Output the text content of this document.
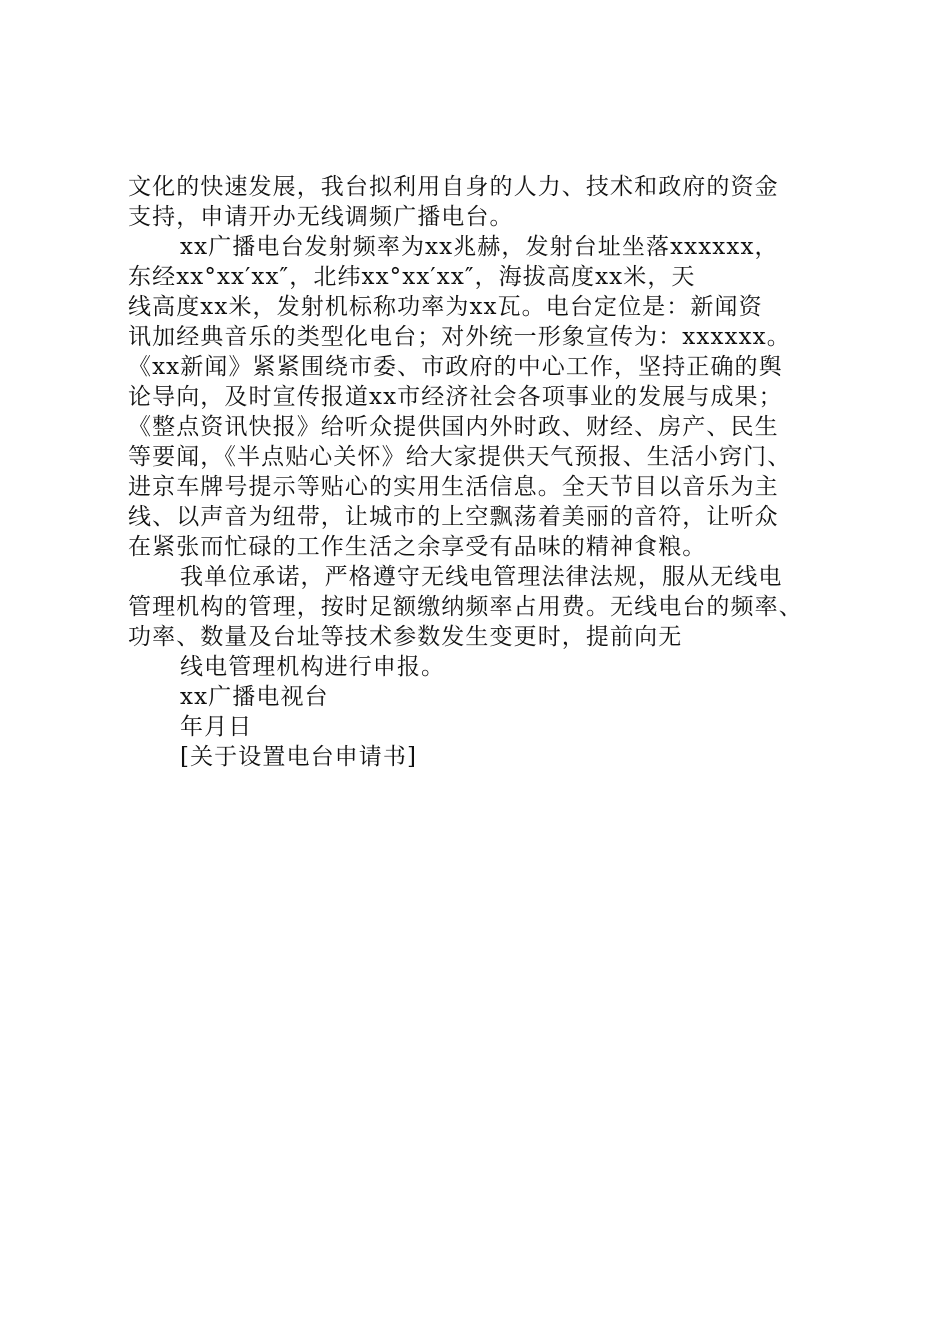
文化的快速发展，我台拟利用自身的人力、技术和政府的资金
支持，申请开办无线调频广播电台。
xx广播电台发射频率为xx兆赫，发射台址坐落xxxxxx，
东经xx°xx′xx″，北纬xx°xx′xx″，海拔高度xx米，天
线高度xx米，发射机标称功率为xx瓦。电台定位是：新闻资
讯加经典音乐的类型化电台；对外统一形象宣传为：xxxxxx。
《xx新闻》紧紧围绕市委、市政府的中心工作，坚持正确的舆
论导向，及时宣传报道xx市经济社会各项事业的发展与成果；
《整点资讯快报》给听众提供国内外时政、财经、房产、民生
等要闻，《半点贴心关怀》给大家提供天气预报、生活小窍门、
进京车牌号提示等贴心的实用生活信息。全天节目以音乐为主
线、以声音为纽带，让城市的上空飘荡着美丽的音符，让听众
在紧张而忙碌的工作生活之余享受有品味的精神食粮。
我单位承诺，严格遵守无线电管理法律法规，服从无线电
管理机构的管理，按时足额缴纳频率占用费。无线电台的频率、
功率、数量及台址等技术参数发生变更时，提前向无
线电管理机构进行申报。
xx广播电视台
年月日
[关于设置电台申请书]
